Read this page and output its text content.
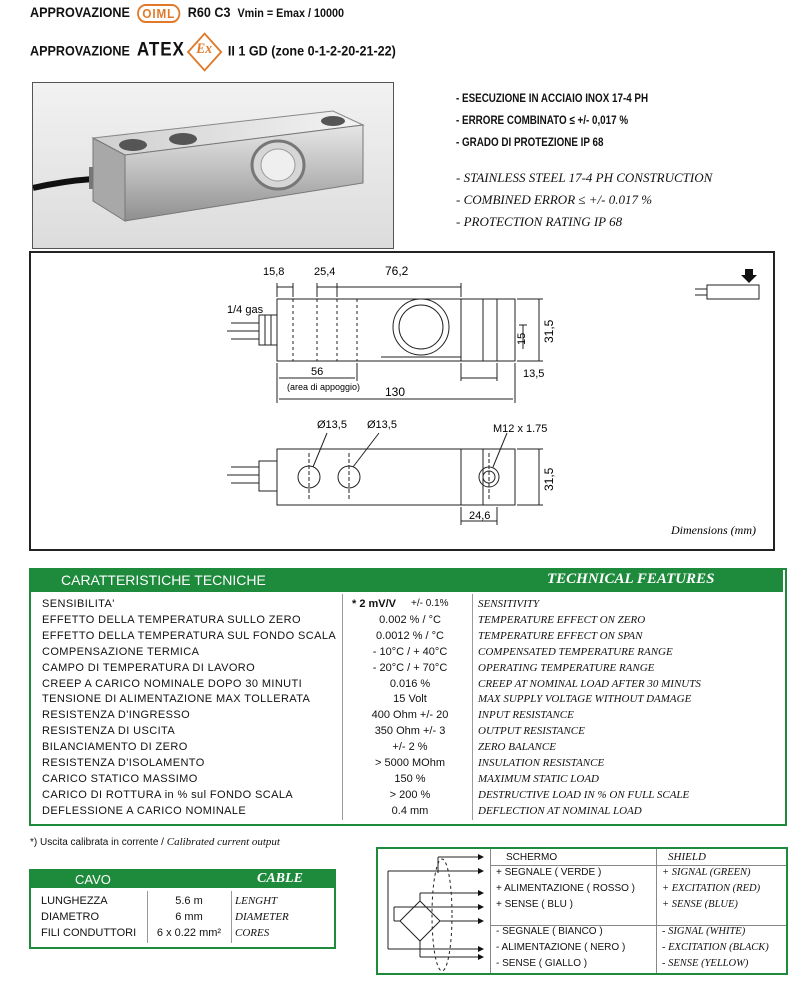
APPROVAZIONE OIML R60 C3 Vmin = Emax / 10000
APPROVAZIONE ATEX Ex II 1 GD (zone 0-1-2-20-21-22)
- ESECUZIONE IN ACCIAIO INOX 17-4 PH
- ERRORE COMBINATO ≤ +/- 0,017 %
- GRADO DI PROTEZIONE IP 68
- STAINLESS STEEL 17-4 PH CONSTRUCTION
- COMBINED ERROR ≤ +/- 0.017 %
- PROTECTION RATING IP 68
15,8	25,4	76,2
1/4 gas
15 31,5
56
(area di appoggio)
13,5
130
Ø13,5 Ø13,5	M12 x 1.75
31,5
24,6
Dimensions (mm)
CARATTERISTICHE TECNICHE	TECHNICAL FEATURES
SENSIBILITA'	* 2 mV/V	SENSITIVITY
+/- 0.1%
EFFETTO DELLA TEMPERATURA SULLO ZERO	0.002 % / °C	TEMPERATURE EFFECT ON ZERO
EFFETTO DELLA TEMPERATURA SUL FONDO SCALA	0.0012 % / °C	TEMPERATURE EFFECT ON SPAN
COMPENSAZIONE TERMICA	- 10°C / + 40°C	COMPENSATED TEMPERATURE RANGE
CAMPO DI TEMPERATURA DI LAVORO	- 20°C / + 70°C	OPERATING TEMPERATURE RANGE
CREEP A CARICO NOMINALE DOPO 30 MINUTI	0.016 %	CREEP AT NOMINAL LOAD AFTER 30 MINUTS
TENSIONE DI ALIMENTAZIONE MAX TOLLERATA	15 Volt	MAX SUPPLY VOLTAGE WITHOUT DAMAGE
RESISTENZA D'INGRESSO	400 Ohm +/- 20	INPUT RESISTANCE
RESISTENZA DI USCITA	350 Ohm +/- 3	OUTPUT RESISTANCE
BILANCIAMENTO DI ZERO	+/- 2 %	ZERO BALANCE
RESISTENZA D'ISOLAMENTO	> 5000 MOhm	INSULATION RESISTANCE
CARICO STATICO MASSIMO	150 %	MAXIMUM STATIC LOAD
CARICO DI ROTTURA in % sul FONDO SCALA	> 200 %	DESTRUCTIVE LOAD IN % ON FULL SCALE
DEFLESSIONE A CARICO NOMINALE	0.4 mm	DEFLECTION AT NOMINAL LOAD
*) Uscita calibrata in corrente / Calibrated current output
CAVO	CABLE
LUNGHEZZA	5.6 m	LENGHT
DIAMETRO	6 mm	DIAMETER
FILI CONDUTTORI	6 x 0.22 mm²	CORES
SCHERMO	SHIELD
+ SEGNALE ( VERDE )	+ SIGNAL (GREEN)
+ ALIMENTAZIONE ( ROSSO )	+ EXCITATION (RED)
+ SENSE ( BLU )	+ SENSE (BLUE)
- SEGNALE ( BIANCO )	- SIGNAL (WHITE)
- ALIMENTAZIONE ( NERO )	- EXCITATION (BLACK)
- SENSE ( GIALLO )	- SENSE (YELLOW)
